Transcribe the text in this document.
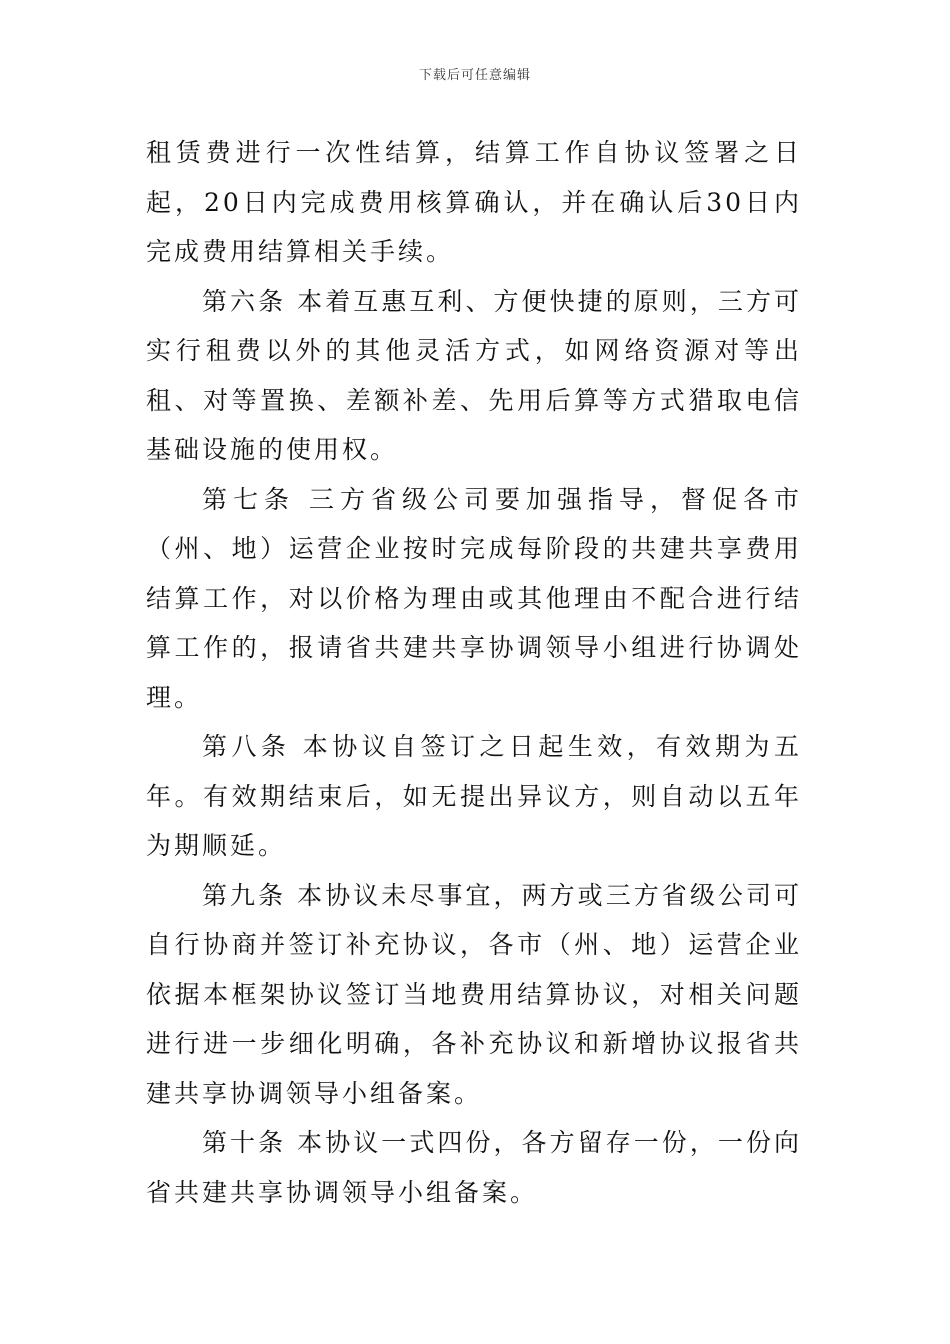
下载后可任意编辑

租赁费进行一次性结算，结算工作自协议签署之日起，20日内完成费用核算确认，并在确认后30日内完成费用结算相关手续。

第六条 本着互惠互利、方便快捷的原则，三方可实行租费以外的其他灵活方式，如网络资源对等出租、对等置换、差额补差、先用后算等方式猎取电信基础设施的使用权。

第七条 三方省级公司要加强指导，督促各市（州、地）运营企业按时完成每阶段的共建共享费用结算工作，对以价格为理由或其他理由不配合进行结算工作的，报请省共建共享协调领导小组进行协调处理。

第八条 本协议自签订之日起生效，有效期为五年。有效期结束后，如无提出异议方，则自动以五年为期顺延。

第九条 本协议未尽事宜，两方或三方省级公司可自行协商并签订补充协议，各市（州、地）运营企业依据本框架协议签订当地费用结算协议，对相关问题进行进一步细化明确，各补充协议和新增协议报省共建共享协调领导小组备案。

第十条 本协议一式四份，各方留存一份，一份向省共建共享协调领导小组备案。
